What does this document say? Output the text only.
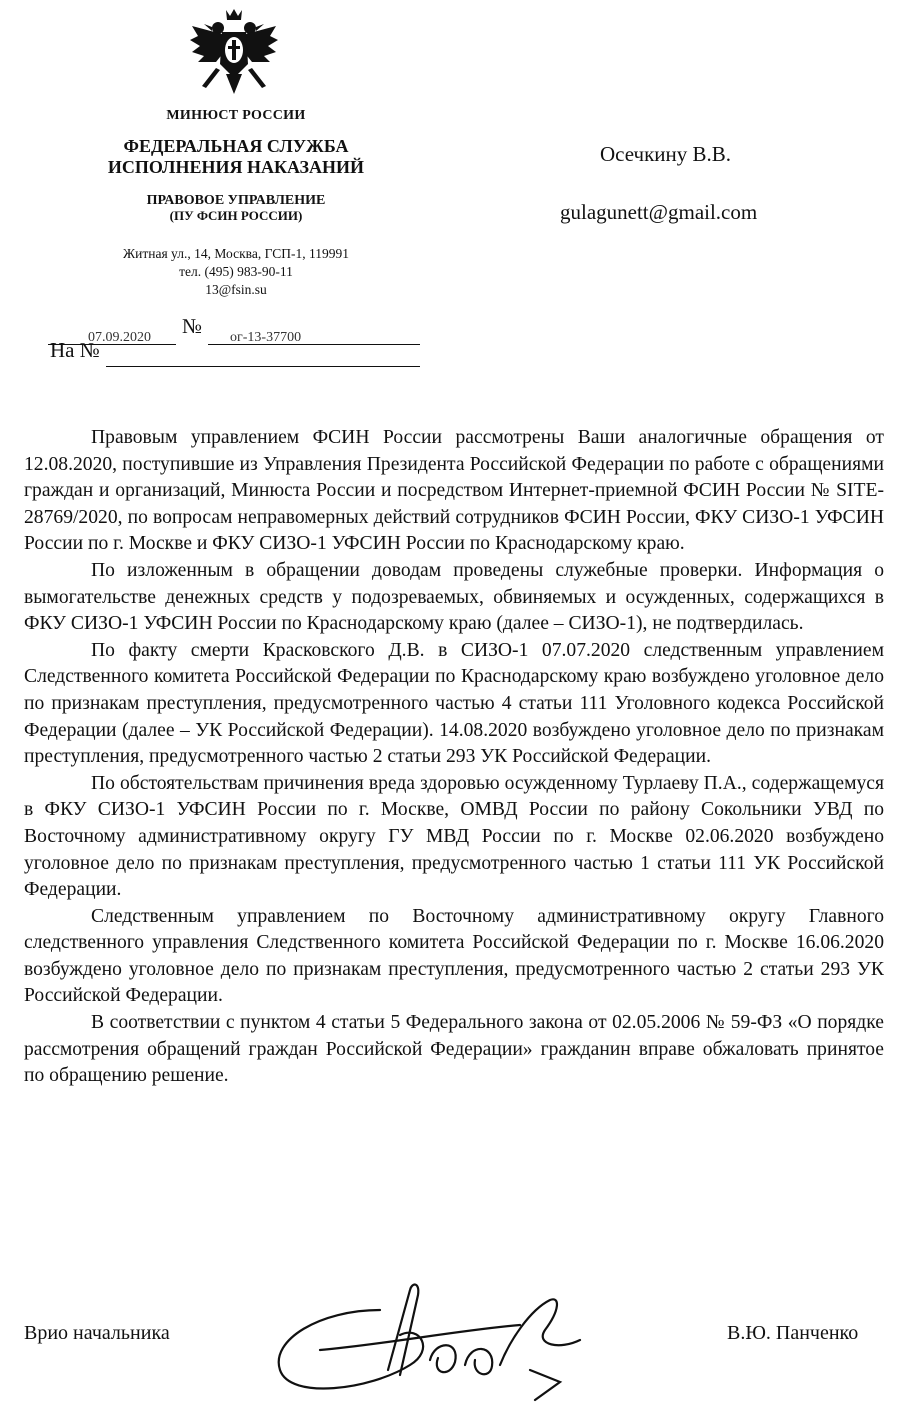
МИНЮСТ РОССИИ
ФЕДЕРАЛЬНАЯ СЛУЖБА
ИСПОЛНЕНИЯ НАКАЗАНИЙ
ПРАВОВОЕ УПРАВЛЕНИЕ
(ПУ ФСИН РОССИИ)
Житная ул., 14, Москва, ГСП-1, 119991
тел. (495) 983-90-11
13@fsin.su
Осечкину В.В.
gulagunett@gmail.com
07.09.2020 № ог-13-37700
На №

Правовым управлением ФСИН России рассмотрены Ваши аналогичные обращения от 12.08.2020, поступившие из Управления Президента Российской Федерации по работе с обращениями граждан и организаций, Минюста России и посредством Интернет-приемной ФСИН России № SITE-28769/2020, по вопросам неправомерных действий сотрудников ФСИН России, ФКУ СИЗО-1 УФСИН России по г. Москве и ФКУ СИЗО-1 УФСИН России по Краснодарскому краю.

По изложенным в обращении доводам проведены служебные проверки. Информация о вымогательстве денежных средств у подозреваемых, обвиняемых и осужденных, содержащихся в ФКУ СИЗО-1 УФСИН России по Краснодарскому краю (далее – СИЗО-1), не подтвердилась.

По факту смерти Красковского Д.В. в СИЗО-1 07.07.2020 следственным управлением Следственного комитета Российской Федерации по Краснодарскому краю возбуждено уголовное дело по признакам преступления, предусмотренного частью 4 статьи 111 Уголовного кодекса Российской Федерации (далее – УК Российской Федерации). 14.08.2020 возбуждено уголовное дело по признакам преступления, предусмотренного частью 2 статьи 293 УК Российской Федерации.

По обстоятельствам причинения вреда здоровью осужденному Турлаеву П.А., содержащемуся в ФКУ СИЗО-1 УФСИН России по г. Москве, ОМВД России по району Сокольники УВД по Восточному административному округу ГУ МВД России по г. Москве 02.06.2020 возбуждено уголовное дело по признакам преступления, предусмотренного частью 1 статьи 111 УК Российской Федерации.

Следственным управлением по Восточному административному округу Главного следственного управления Следственного комитета Российской Федерации по г. Москве 16.06.2020 возбуждено уголовное дело по признакам преступления, предусмотренного частью 2 статьи 293 УК Российской Федерации.

В соответствии с пунктом 4 статьи 5 Федерального закона от 02.05.2006 № 59-ФЗ «О порядке рассмотрения обращений граждан Российской Федерации» гражданин вправе обжаловать принятое по обращению решение.

Врио начальника	В.Ю. Панченко
